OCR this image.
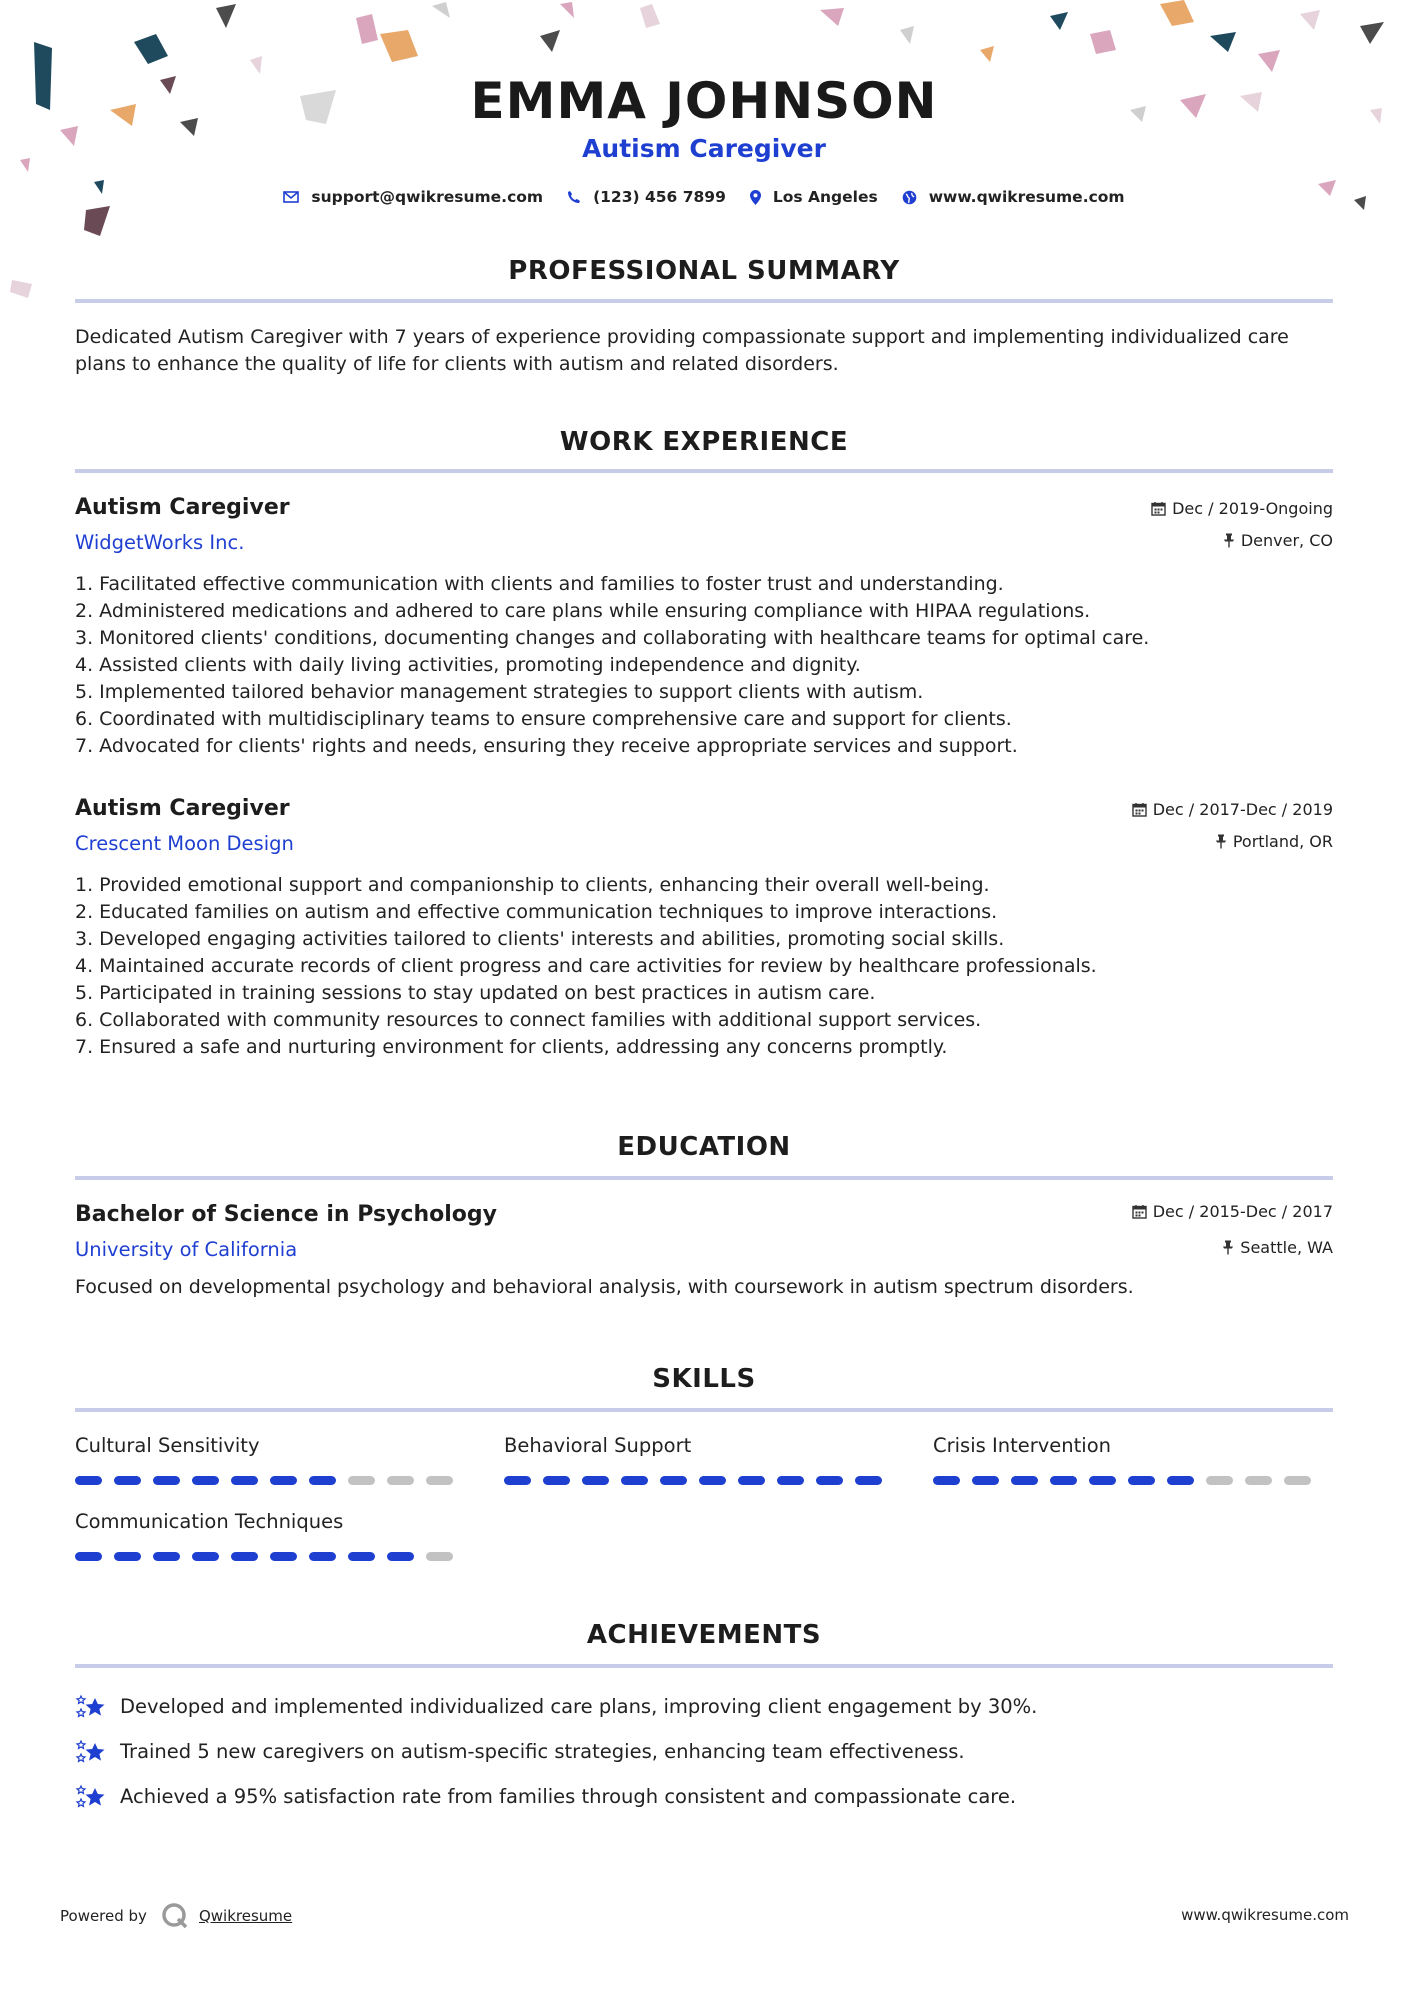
EMMA JOHNSON
Autism Caregiver
support@qwikresume.com	(123) 456 7899	Los Angeles	www.qwikresume.com
PROFESSIONAL SUMMARY
Dedicated Autism Caregiver with 7 years of experience providing compassionate support and implementing individualized care plans to enhance the quality of life for clients with autism and related disorders.
WORK EXPERIENCE
Autism Caregiver
WidgetWorks Inc.
Dec / 2019-Ongoing
Denver, CO
1. Facilitated effective communication with clients and families to foster trust and understanding.
2. Administered medications and adhered to care plans while ensuring compliance with HIPAA regulations.
3. Monitored clients' conditions, documenting changes and collaborating with healthcare teams for optimal care.
4. Assisted clients with daily living activities, promoting independence and dignity.
5. Implemented tailored behavior management strategies to support clients with autism.
6. Coordinated with multidisciplinary teams to ensure comprehensive care and support for clients.
7. Advocated for clients' rights and needs, ensuring they receive appropriate services and support.
Autism Caregiver
Crescent Moon Design
Dec / 2017-Dec / 2019
Portland, OR
1. Provided emotional support and companionship to clients, enhancing their overall well-being.
2. Educated families on autism and effective communication techniques to improve interactions.
3. Developed engaging activities tailored to clients' interests and abilities, promoting social skills.
4. Maintained accurate records of client progress and care activities for review by healthcare professionals.
5. Participated in training sessions to stay updated on best practices in autism care.
6. Collaborated with community resources to connect families with additional support services.
7. Ensured a safe and nurturing environment for clients, addressing any concerns promptly.
EDUCATION
Bachelor of Science in Psychology
University of California
Dec / 2015-Dec / 2017
Seattle, WA
Focused on developmental psychology and behavioral analysis, with coursework in autism spectrum disorders.
SKILLS
Cultural Sensitivity	Behavioral Support	Crisis Intervention
Communication Techniques
ACHIEVEMENTS
Developed and implemented individualized care plans, improving client engagement by 30%.
Trained 5 new caregivers on autism-specific strategies, enhancing team effectiveness.
Achieved a 95% satisfaction rate from families through consistent and compassionate care.
Powered by	Qwikresume	www.qwikresume.com
